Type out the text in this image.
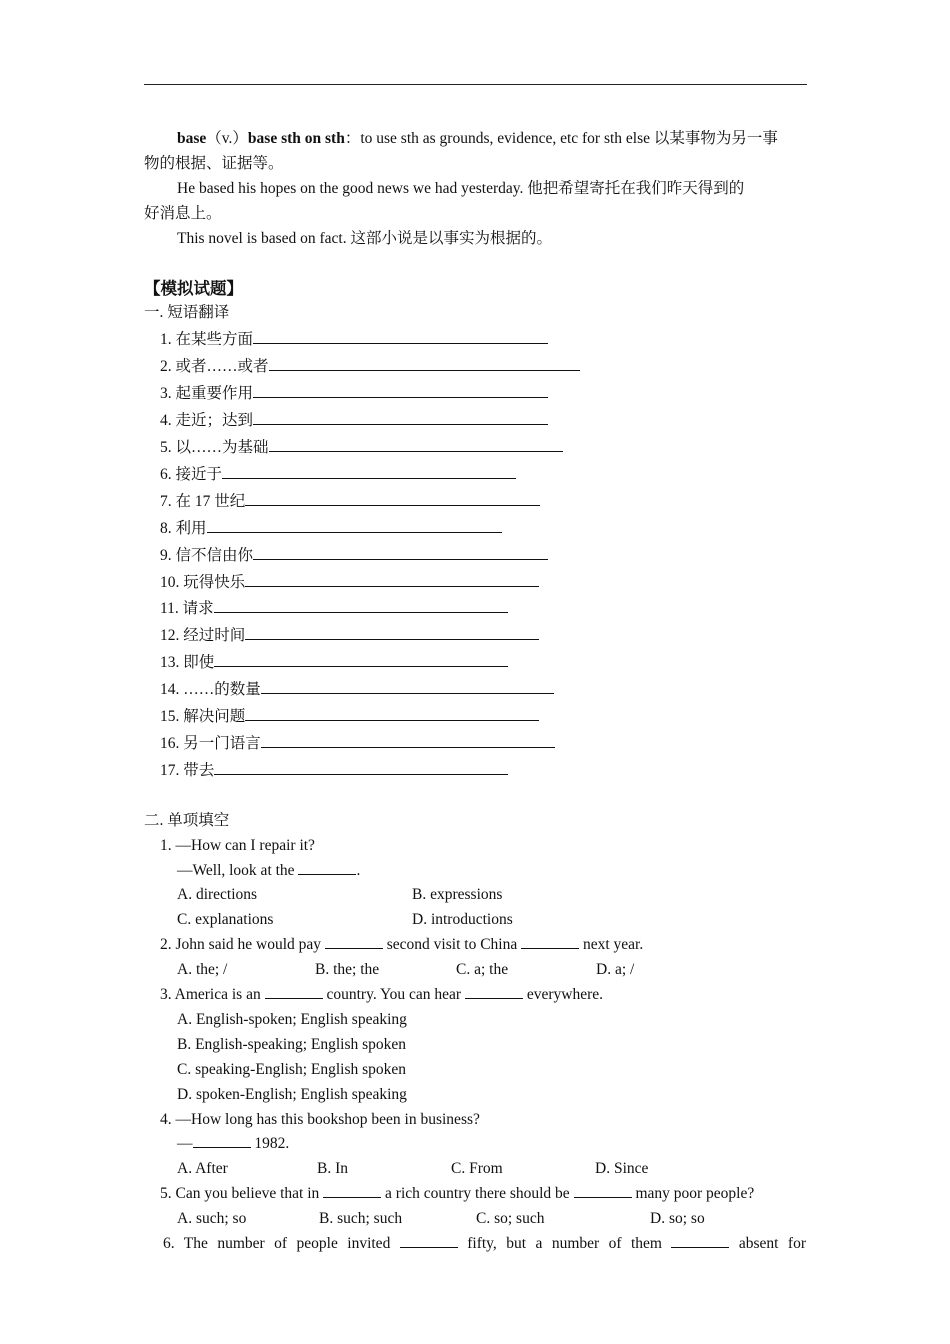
base（v.）base sth on sth：to use sth as grounds, evidence, etc for sth else 以某事物为另一事

物的根据、证据等。

He based his hopes on the good news we had yesterday. 他把希望寄托在我们昨天得到的

好消息上。

This novel is based on fact. 这部小说是以事实为根据的。

【模拟试题】

一. 短语翻译

1. 在某些方面

2. 或者……或者

3. 起重要作用

4. 走近；达到

5. 以……为基础

6. 接近于

7. 在 17 世纪

8. 利用

9. 信不信由你

10. 玩得快乐

11. 请求

12. 经过时间

13. 即使

14. ……的数量

15. 解决问题

16. 另一门语言

17. 带去

二. 单项填空

1. —How can I repair it?

—Well, look at the	.

A. directions	B. expressions

C. explanations	D. introductions

2. John said he would pay	second visit to China	next year.

A. the; /	B. the; the	C. a; the	D. a; /

3. America is an	country. You can hear	everywhere.

A. English-spoken; English speaking

B. English-speaking; English spoken

C. speaking-English; English spoken

D. spoken-English; English speaking

4. —How long has this bookshop been in business?

—	1982.

A. After	B. In	C. From	D. Since

5. Can you believe that in	a rich country there should be	many poor people?

A. such; so	B. such; such	C. so; such	D. so; so

6. The number of people invited	fifty, but a number of them	absent for
